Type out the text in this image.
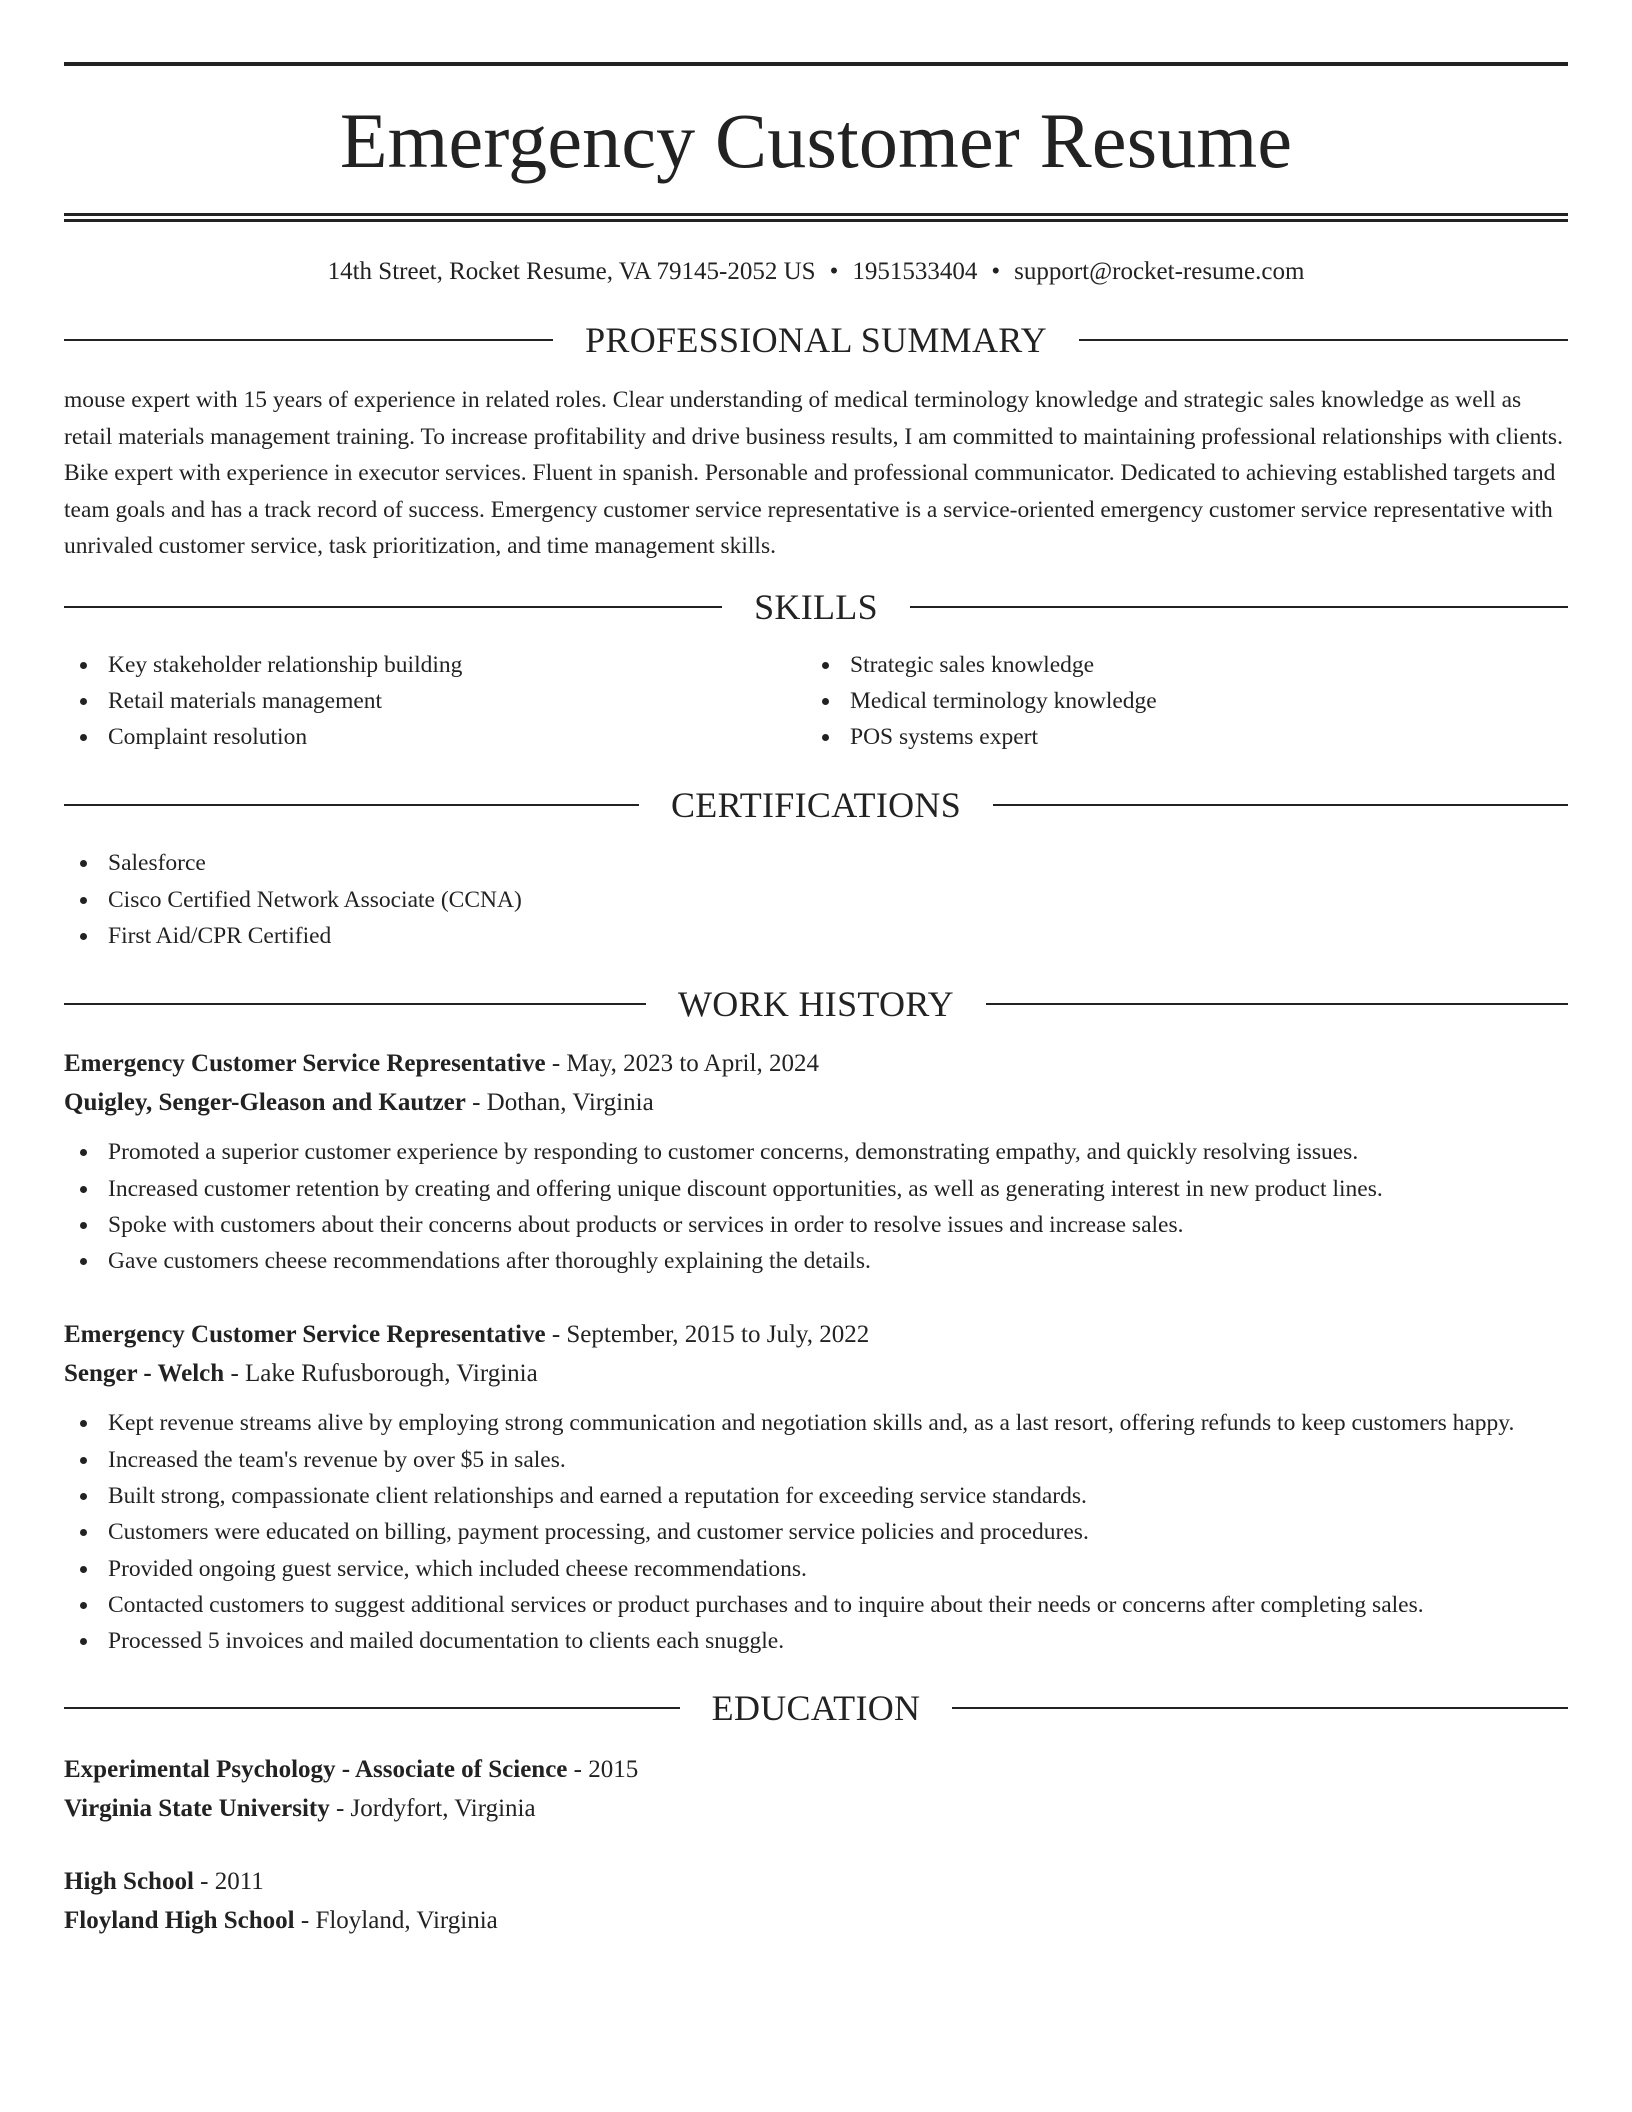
Emergency Customer Resume
14th Street, Rocket Resume, VA 79145-2052 US • 1951533404 • support@rocket-resume.com
PROFESSIONAL SUMMARY

mouse expert with 15 years of experience in related roles. Clear understanding of medical terminology knowledge and strategic sales knowledge as well as retail materials management training. To increase profitability and drive business results, I am committed to maintaining professional relationships with clients. Bike expert with experience in executor services. Fluent in spanish. Personable and professional communicator. Dedicated to achieving established targets and team goals and has a track record of success. Emergency customer service representative is a service-oriented emergency customer service representative with unrivaled customer service, task prioritization, and time management skills.

SKILLS
Key stakeholder relationship building
Retail materials management
Complaint resolution
Strategic sales knowledge
Medical terminology knowledge
POS systems expert
CERTIFICATIONS
Salesforce
Cisco Certified Network Associate (CCNA)
First Aid/CPR Certified
WORK HISTORY
Emergency Customer Service Representative - May, 2023 to April, 2024
Quigley, Senger-Gleason and Kautzer - Dothan, Virginia
Promoted a superior customer experience by responding to customer concerns, demonstrating empathy, and quickly resolving issues.
Increased customer retention by creating and offering unique discount opportunities, as well as generating interest in new product lines.
Spoke with customers about their concerns about products or services in order to resolve issues and increase sales.
Gave customers cheese recommendations after thoroughly explaining the details.
Emergency Customer Service Representative - September, 2015 to July, 2022
Senger - Welch - Lake Rufusborough, Virginia
Kept revenue streams alive by employing strong communication and negotiation skills and, as a last resort, offering refunds to keep customers happy.
Increased the team's revenue by over $5 in sales.
Built strong, compassionate client relationships and earned a reputation for exceeding service standards.
Customers were educated on billing, payment processing, and customer service policies and procedures.
Provided ongoing guest service, which included cheese recommendations.
Contacted customers to suggest additional services or product purchases and to inquire about their needs or concerns after completing sales.
Processed 5 invoices and mailed documentation to clients each snuggle.
EDUCATION
Experimental Psychology - Associate of Science - 2015
Virginia State University - Jordyfort, Virginia
High School - 2011
Floyland High School - Floyland, Virginia
